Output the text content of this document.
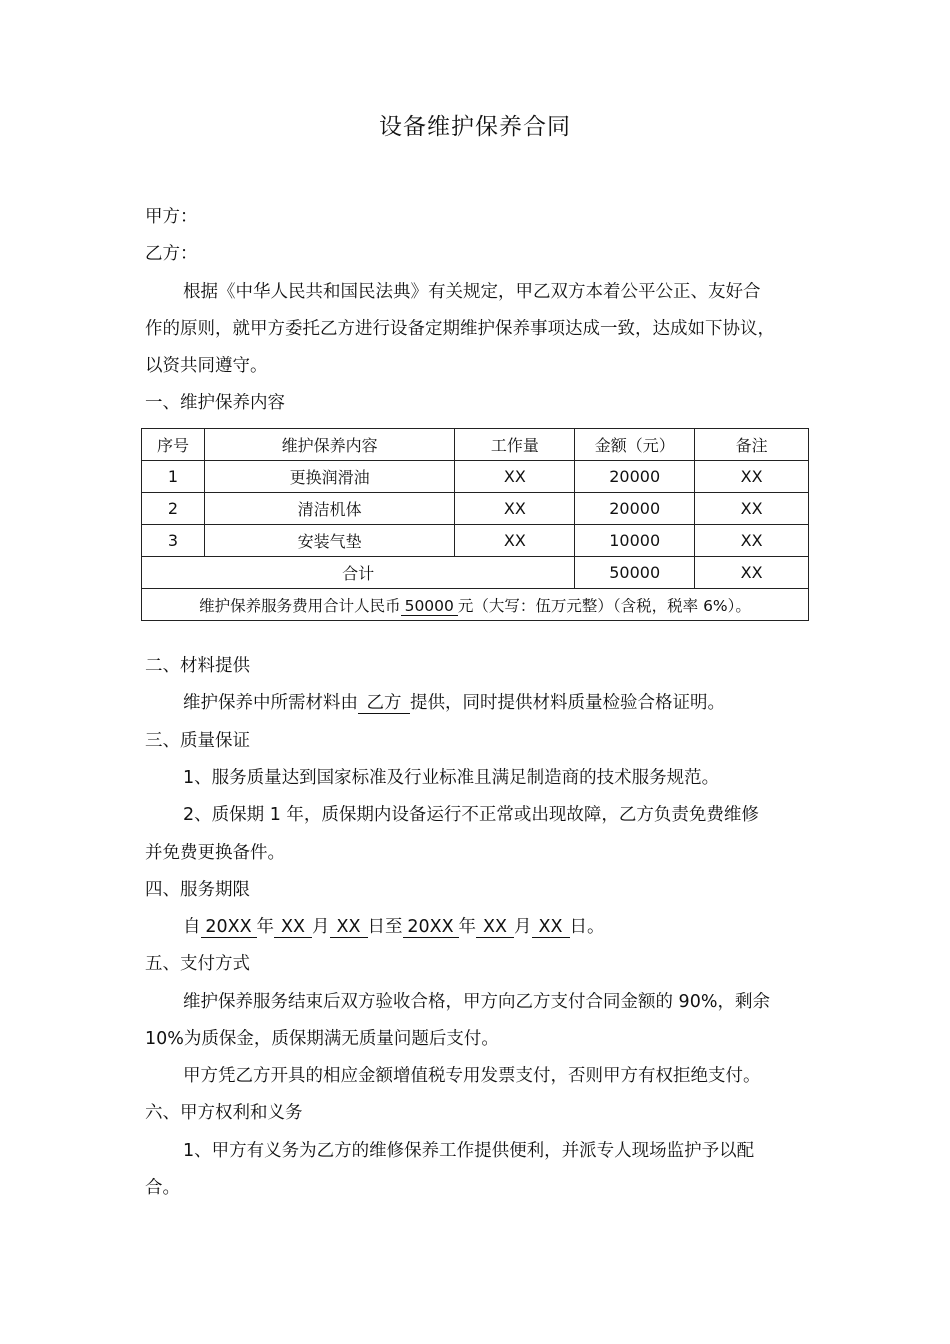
设备维护保养合同
甲方：
乙方：
根据《中华人民共和国民法典》有关规定，甲乙双方本着公平公正、友好合
作的原则，就甲方委托乙方进行设备定期维护保养事项达成一致，达成如下协议，
以资共同遵守。
一、维护保养内容
序号	维护保养内容	工作量	金额（元）	备注
1	更换润滑油	XX	20000	XX
2	清洁机体	XX	20000	XX
3	安装气垫	XX	10000	XX
合计			50000	XX
维护保养服务费用合计人民币 50000 元（大写：伍万元整）（含税，税率 6%）。				
二、材料提供
维护保养中所需材料由 乙方 提供，同时提供材料质量检验合格证明。
三、质量保证
1、服务质量达到国家标准及行业标准且满足制造商的技术服务规范。
2、质保期 1 年，质保期内设备运行不正常或出现故障，乙方负责免费维修
并免费更换备件。
四、服务期限
自 20XX 年 XX 月 XX 日至 20XX 年 XX 月 XX 日。
五、支付方式
维护保养服务结束后双方验收合格，甲方向乙方支付合同金额的 90%，剩余
10%为质保金，质保期满无质量问题后支付。
甲方凭乙方开具的相应金额增值税专用发票支付，否则甲方有权拒绝支付。
六、甲方权利和义务
1、甲方有义务为乙方的维修保养工作提供便利，并派专人现场监护予以配
合。
